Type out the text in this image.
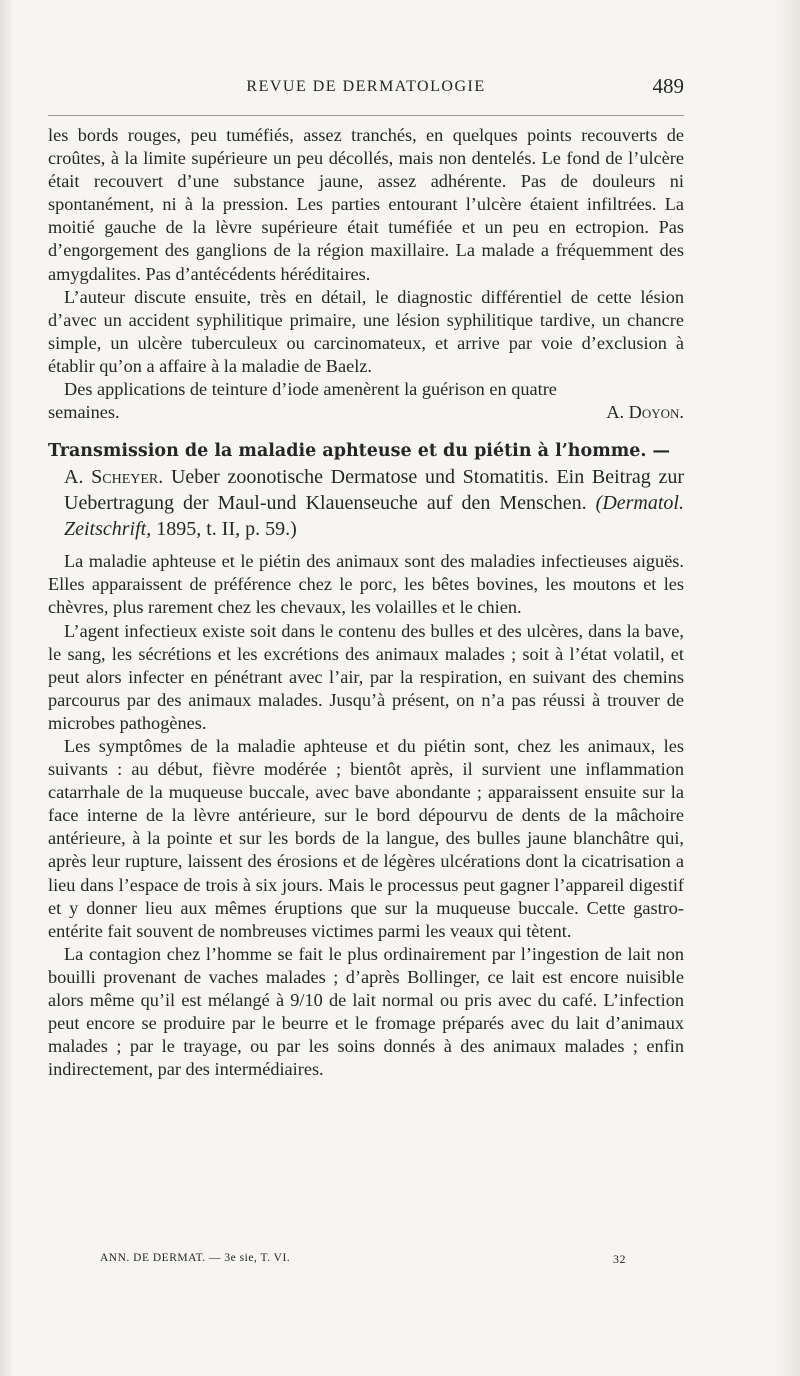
REVUE DE DERMATOLOGIE	489

les bords rouges, peu tuméfiés, assez tranchés, en quelques points recouverts de croûtes, à la limite supérieure un peu décollés, mais non dentelés. Le fond de l’ulcère était recouvert d’une substance jaune, assez adhérente. Pas de douleurs ni spontanément, ni à la pression. Les parties entourant l’ulcère étaient infiltrées. La moitié gauche de la lèvre supérieure était tuméfiée et un peu en ectropion. Pas d’engorgement des ganglions de la région maxillaire. La malade a fréquemment des amygdalites. Pas d’antécédents héréditaires.

L’auteur discute ensuite, très en détail, le diagnostic différentiel de cette lésion d’avec un accident syphilitique primaire, une lésion syphilitique tardive, un chancre simple, un ulcère tuberculeux ou carcinomateux, et arrive par voie d’exclusion à établir qu’on a affaire à la maladie de Baelz.

Des applications de teinture d’iode amenèrent la guérison en quatre

semaines.	A. Doyon.

Transmission de la maladie aphteuse et du piétin à l’homme. —
A. Scheyer. Ueber zoonotische Dermatose und Stomatitis. Ein Beitrag zur Uebertragung der Maul-und Klauenseuche auf den Menschen. (Dermatol. Zeitschrift, 1895, t. II, p. 59.)

La maladie aphteuse et le piétin des animaux sont des maladies infectieuses aiguës. Elles apparaissent de préférence chez le porc, les bêtes bovines, les moutons et les chèvres, plus rarement chez les chevaux, les volailles et le chien.

L’agent infectieux existe soit dans le contenu des bulles et des ulcères, dans la bave, le sang, les sécrétions et les excrétions des animaux malades ; soit à l’état volatil, et peut alors infecter en pénétrant avec l’air, par la respiration, en suivant des chemins parcourus par des animaux malades. Jusqu’à présent, on n’a pas réussi à trouver de microbes pathogènes.

Les symptômes de la maladie aphteuse et du piétin sont, chez les animaux, les suivants : au début, fièvre modérée ; bientôt après, il survient une inflammation catarrhale de la muqueuse buccale, avec bave abondante ; apparaissent ensuite sur la face interne de la lèvre antérieure, sur le bord dépourvu de dents de la mâchoire antérieure, à la pointe et sur les bords de la langue, des bulles jaune blanchâtre qui, après leur rupture, laissent des érosions et de légères ulcérations dont la cicatrisation a lieu dans l’espace de trois à six jours. Mais le processus peut gagner l’appareil digestif et y donner lieu aux mêmes éruptions que sur la muqueuse buccale. Cette gastro-entérite fait souvent de nombreuses victimes parmi les veaux qui tètent.

La contagion chez l’homme se fait le plus ordinairement par l’ingestion de lait non bouilli provenant de vaches malades ; d’après Bollinger, ce lait est encore nuisible alors même qu’il est mélangé à 9/10 de lait normal ou pris avec du café. L’infection peut encore se produire par le beurre et le fromage préparés avec du lait d’animaux malades ; par le trayage, ou par les soins donnés à des animaux malades ; enfin indirectement, par des intermédiaires.

ANN. DE DERMAT. — 3e sie, T. VI.	32
